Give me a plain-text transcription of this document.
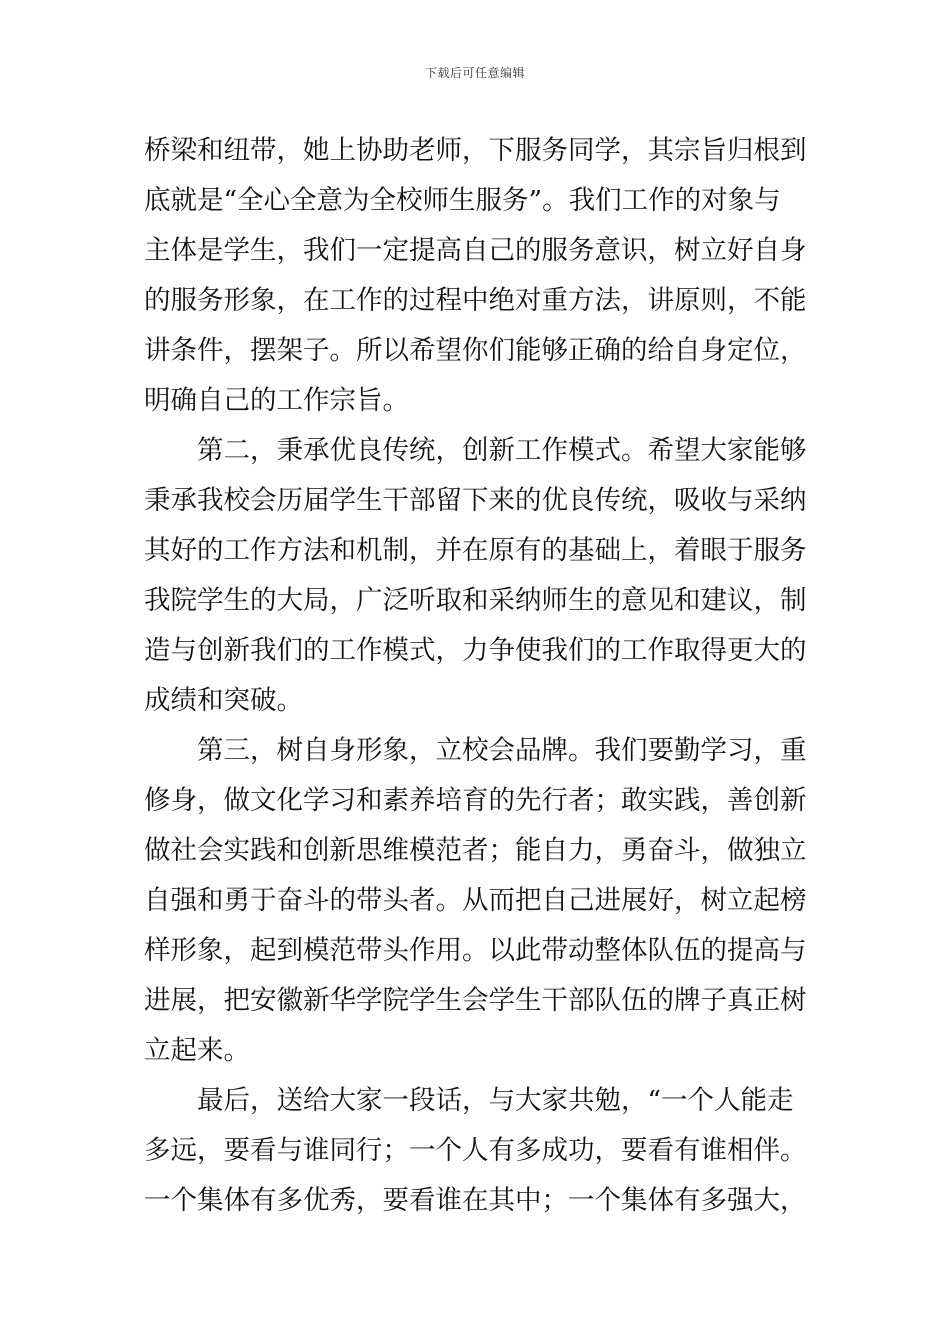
下载后可任意编辑
桥梁和纽带，她上协助老师，下服务同学，其宗旨归根到
底就是“全心全意为全校师生服务”。我们工作的对象与
主体是学生，我们一定提高自己的服务意识，树立好自身
的服务形象，在工作的过程中绝对重方法，讲原则，不能
讲条件，摆架子。所以希望你们能够正确的给自身定位，
明确自己的工作宗旨。
第二，秉承优良传统，创新工作模式。希望大家能够
秉承我校会历届学生干部留下来的优良传统，吸收与采纳
其好的工作方法和机制，并在原有的基础上，着眼于服务
我院学生的大局，广泛听取和采纳师生的意见和建议，制
造与创新我们的工作模式，力争使我们的工作取得更大的
成绩和突破。
第三，树自身形象，立校会品牌。我们要勤学习，重
修身，做文化学习和素养培育的先行者；敢实践，善创新
做社会实践和创新思维模范者；能自力，勇奋斗，做独立
自强和勇于奋斗的带头者。从而把自己进展好，树立起榜
样形象，起到模范带头作用。以此带动整体队伍的提高与
进展，把安徽新华学院学生会学生干部队伍的牌子真正树
立起来。
最后，送给大家一段话，与大家共勉，“一个人能走
多远，要看与谁同行；一个人有多成功，要看有谁相伴。
一个集体有多优秀，要看谁在其中；一个集体有多强大，
